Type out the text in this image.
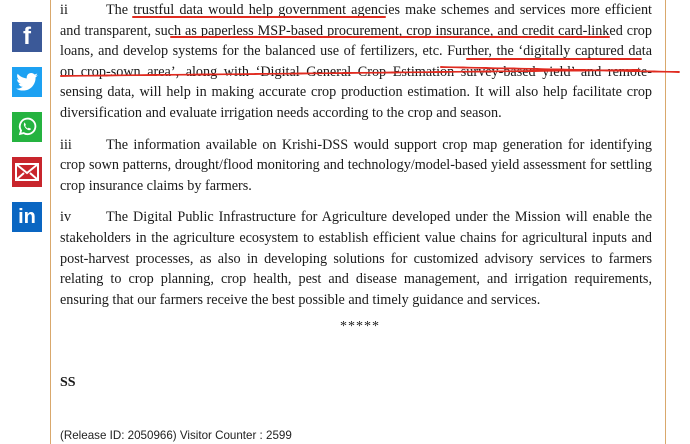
f
in

ii	The trustful data would help government agencies make schemes and services more efficient and transparent, such as paperless MSP-based procurement, crop insurance, and credit card-linked crop loans, and develop systems for the balanced use of fertilizers, etc. Further, the ‘digitally captured data on crop-sown area’, along with ‘Digital General Crop Estimation survey-based yield’ and remote-sensing data, will help in making accurate crop production estimation. It will also help facilitate crop diversification and evaluate irrigation needs according to the crop and season.

iii The information available on Krishi-DSS would support crop map generation for identifying crop sown patterns, drought/flood monitoring and technology/model-based yield assessment for settling crop insurance claims by farmers.

iv The Digital Public Infrastructure for Agriculture developed under the Mission will enable the stakeholders in the agriculture ecosystem to establish efficient value chains for agricultural inputs and post-harvest processes, as also in developing solutions for customized advisory services to farmers relating to crop planning, crop health, pest and disease management, and irrigation requirements, ensuring that our farmers receive the best possible and timely guidance and services.

*****
SS
(Release ID: 2050966) Visitor Counter : 2599
